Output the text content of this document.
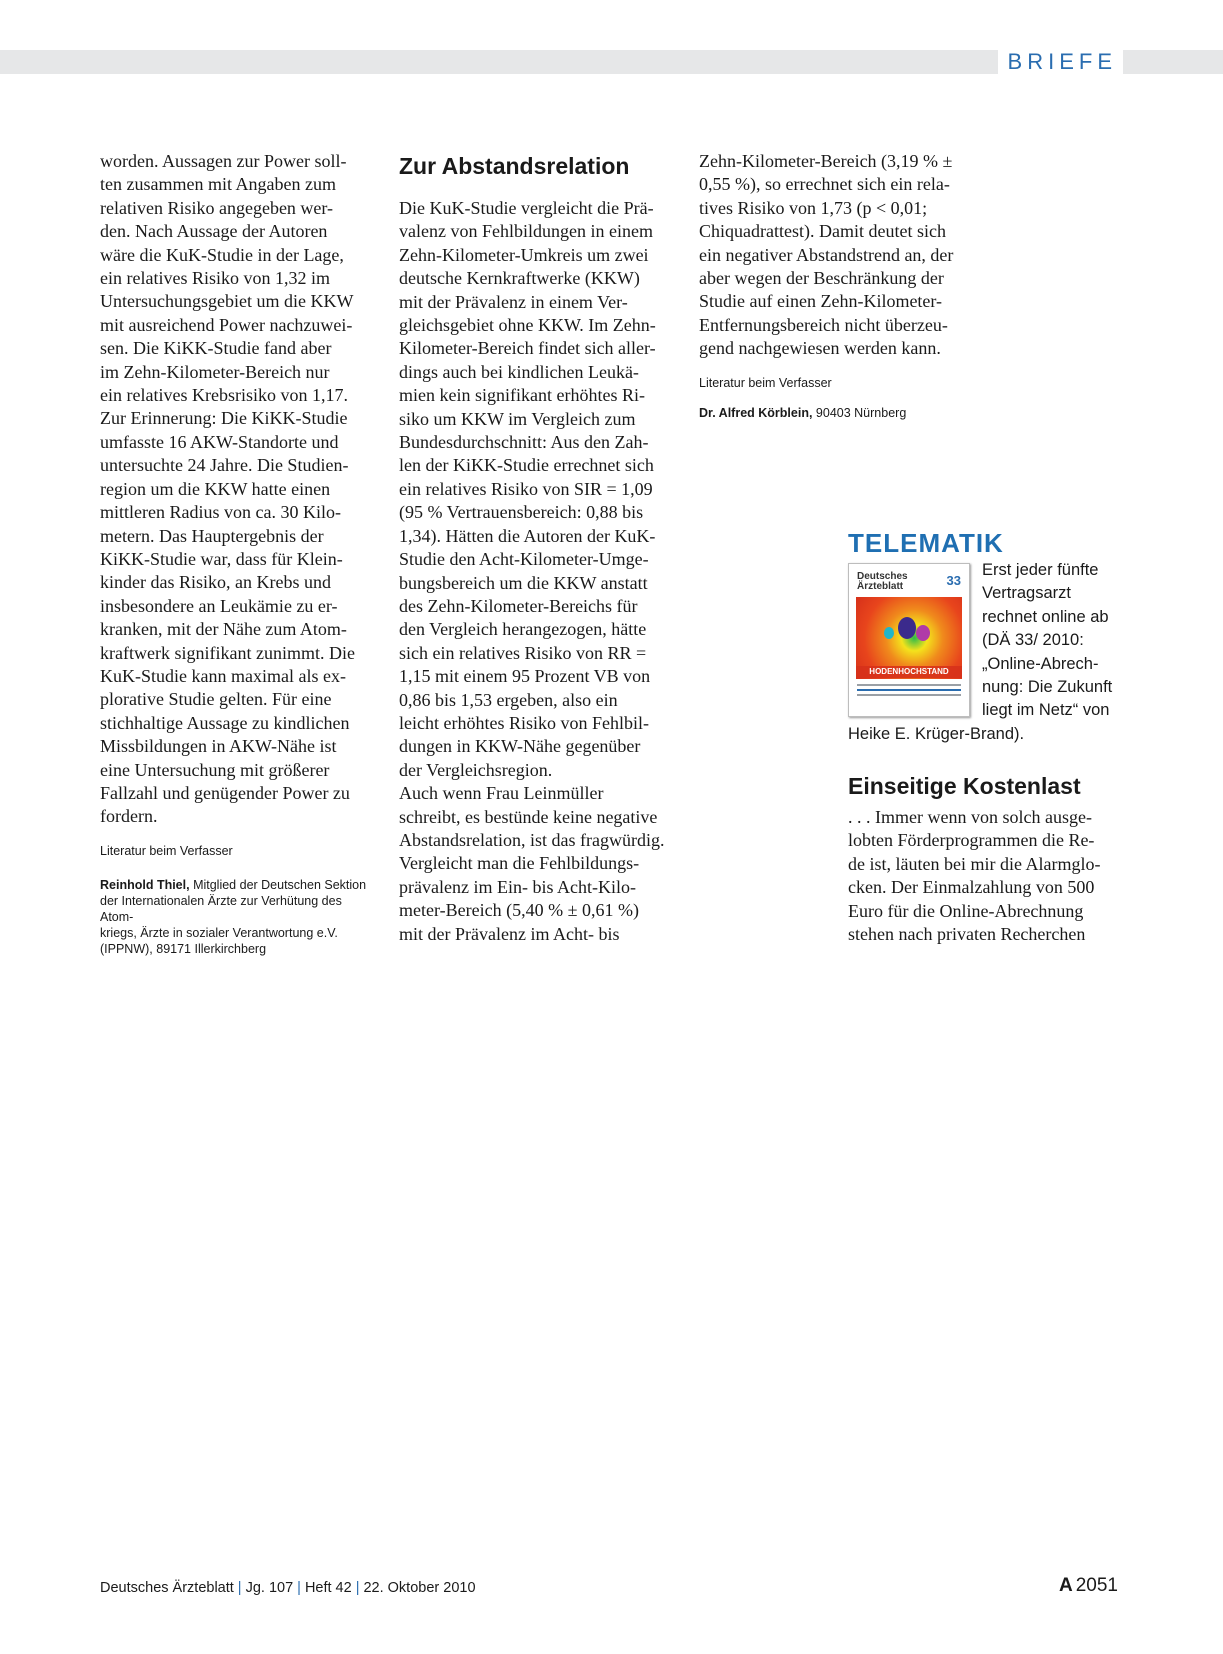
BRIEFE

worden. Aussagen zur Power soll-
ten zusammen mit Angaben zum
relativen Risiko angegeben wer-
den. Nach Aussage der Autoren
wäre die KuK-Studie in der Lage,
ein relatives Risiko von 1,32 im
Untersuchungsgebiet um die KKW
mit ausreichend Power nachzuwei-
sen. Die KiKK-Studie fand aber
im Zehn-Kilometer-Bereich nur
ein relatives Krebsrisiko von 1,17.
Zur Erinnerung: Die KiKK-Studie
umfasste 16 AKW-Standorte und
untersuchte 24 Jahre. Die Studien-
region um die KKW hatte einen
mittleren Radius von ca. 30 Kilo-
metern. Das Hauptergebnis der
KiKK-Studie war, dass für Klein-
kinder das Risiko, an Krebs und
insbesondere an Leukämie zu er-
kranken, mit der Nähe zum Atom-
kraftwerk signifikant zunimmt. Die
KuK-Studie kann maximal als ex-
plorative Studie gelten. Für eine
stichhaltige Aussage zu kindlichen
Missbildungen in AKW-Nähe ist
eine Untersuchung mit größerer
Fallzahl und genügender Power zu
fordern.

Literatur beim Verfasser

Reinhold Thiel, Mitglied der Deutschen Sektion
der Internationalen Ärzte zur Verhütung des Atom-
kriegs, Ärzte in sozialer Verantwortung e.V.
(IPPNW), 89171 Illerkirchberg

Zur Abstandsrelation

Die KuK-Studie vergleicht die Prä-
valenz von Fehlbildungen in einem
Zehn-Kilometer-Umkreis um zwei
deutsche Kernkraftwerke (KKW)
mit der Prävalenz in einem Ver-
gleichsgebiet ohne KKW. Im Zehn-
Kilometer-Bereich findet sich aller-
dings auch bei kindlichen Leukä-
mien kein signifikant erhöhtes Ri-
siko um KKW im Vergleich zum
Bundesdurchschnitt: Aus den Zah-
len der KiKK-Studie errechnet sich
ein relatives Risiko von SIR = 1,09
(95 % Vertrauensbereich: 0,88 bis
1,34). Hätten die Autoren der KuK-
Studie den Acht-Kilometer-Umge-
bungsbereich um die KKW anstatt
des Zehn-Kilometer-Bereichs für
den Vergleich herangezogen, hätte
sich ein relatives Risiko von RR =
1,15 mit einem 95 Prozent VB von
0,86 bis 1,53 ergeben, also ein
leicht erhöhtes Risiko von Fehlbil-
dungen in KKW-Nähe gegenüber
der Vergleichsregion.
Auch wenn Frau Leinmüller
schreibt, es bestünde keine negative
Abstandsrelation, ist das fragwürdig.
Vergleicht man die Fehlbildungs-
prävalenz im Ein- bis Acht-Kilo-
meter-Bereich (5,40 % ± 0,61 %)
mit der Prävalenz im Acht- bis

Zehn-Kilometer-Bereich (3,19 % ±
0,55 %), so errechnet sich ein rela-
tives Risiko von 1,73 (p < 0,01;
Chiquadrattest). Damit deutet sich
ein negativer Abstandstrend an, der
aber wegen der Beschränkung der
Studie auf einen Zehn-Kilometer-
Entfernungsbereich nicht überzeu-
gend nachgewiesen werden kann.

Literatur beim Verfasser

Dr. Alfred Körblein, 90403 Nürnberg

TELEMATIK
Deutsches
Ärzteblatt	33
HODENHOCHSTAND

Erst jeder fünfte
Vertragsarzt
rechnet online ab
(DÄ 33/ 2010:
„Online-Abrech-
nung: Die Zukunft
liegt im Netz“ von

Heike E. Krüger-Brand).

Einseitige Kostenlast

. . . Immer wenn von solch ausge-
lobten Förderprogrammen die Re-
de ist, läuten bei mir die Alarmglo-
cken. Der Einmalzahlung von 500
Euro für die Online-Abrechnung
stehen nach privaten Recherchen

Deutsches Ärzteblatt | Jg. 107 | Heft 42 | 22. Oktober 2010	A 2051
